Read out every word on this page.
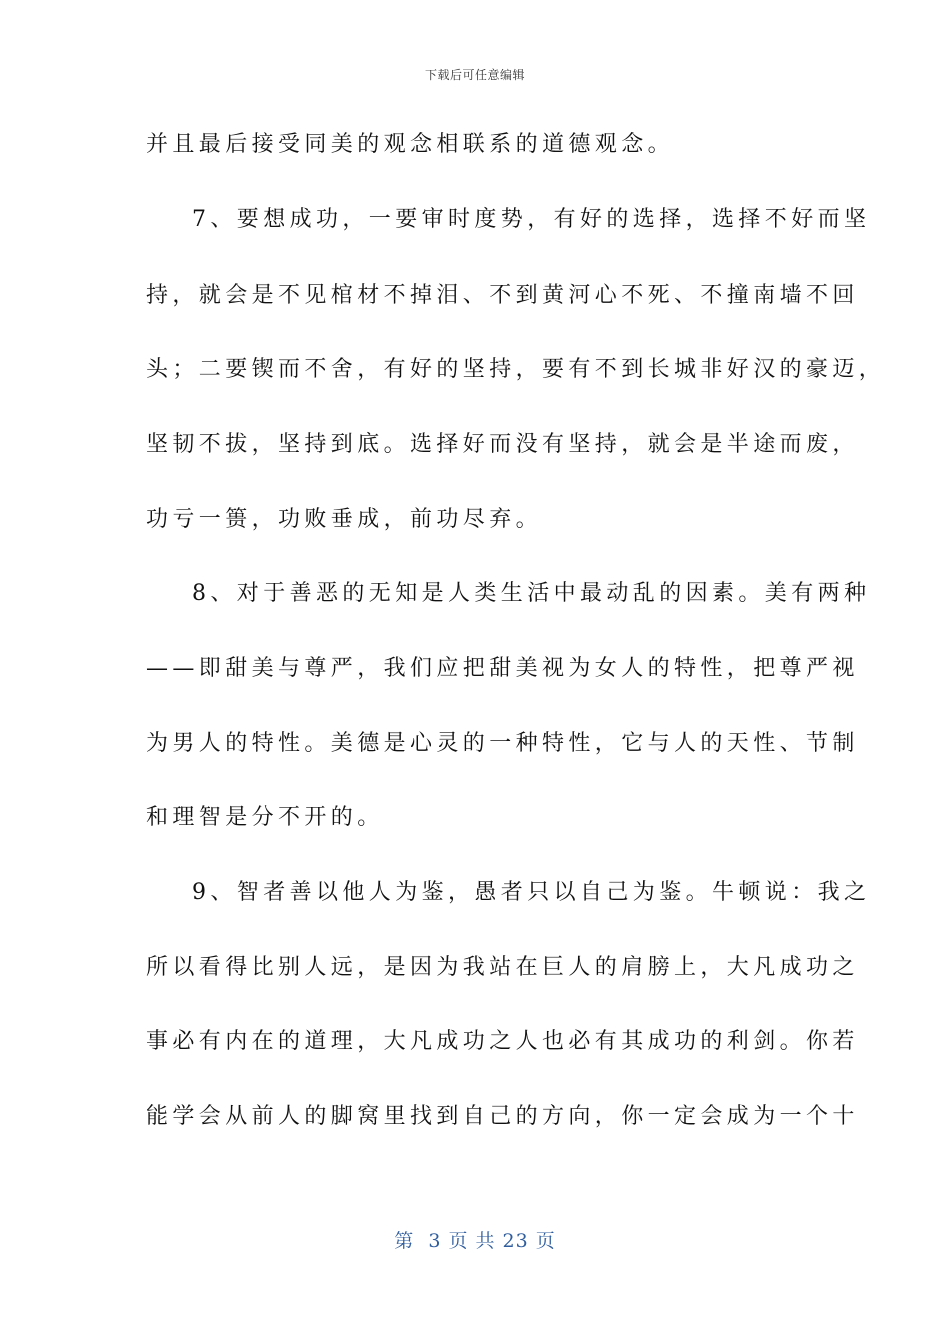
下载后可任意编辑
并且最后接受同美的观念相联系的道德观念。
7、要想成功，一要审时度势，有好的选择，选择不好而坚
持，就会是不见棺材不掉泪、不到黄河心不死、不撞南墙不回
头；二要锲而不舍，有好的坚持，要有不到长城非好汉的豪迈，
坚韧不拔，坚持到底。选择好而没有坚持，就会是半途而废，
功亏一篑，功败垂成，前功尽弃。
8、对于善恶的无知是人类生活中最动乱的因素。美有两种
——即甜美与尊严，我们应把甜美视为女人的特性，把尊严视
为男人的特性。美德是心灵的一种特性，它与人的天性、节制
和理智是分不开的。
9、智者善以他人为鉴，愚者只以自己为鉴。牛顿说：我之
所以看得比别人远，是因为我站在巨人的肩膀上，大凡成功之
事必有内在的道理，大凡成功之人也必有其成功的利剑。你若
能学会从前人的脚窝里找到自己的方向，你一定会成为一个十
第  3 页 共 23 页
